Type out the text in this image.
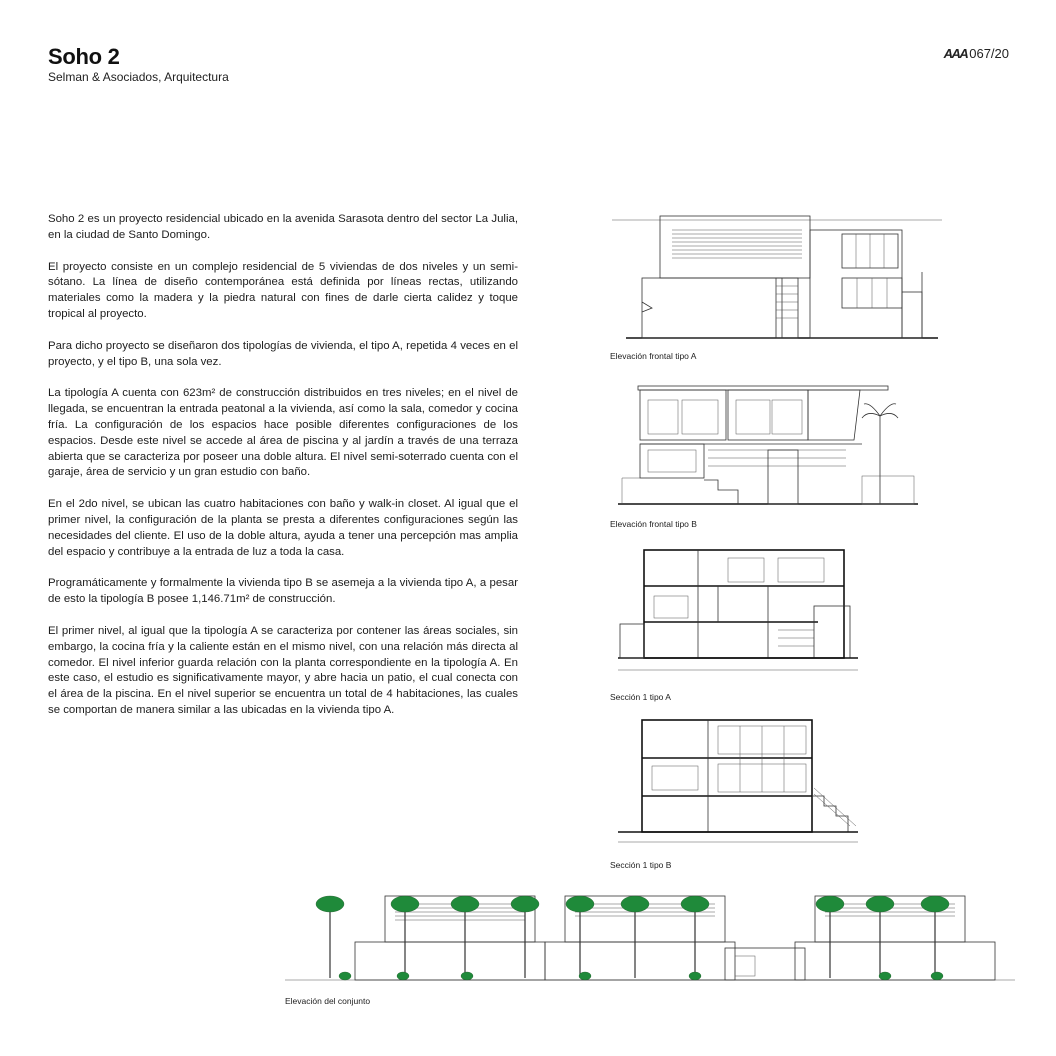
Soho 2
Selman & Asociados, Arquitectura
AAA 067/20

Soho 2 es un proyecto residencial ubicado en la avenida Sarasota dentro del sector La Julia, en la ciudad de Santo Domingo.

El proyecto consiste en un complejo residencial de 5 viviendas de dos niveles y un semi-sótano. La línea de diseño contemporánea está definida por líneas rectas, utilizando materiales como la madera y la piedra natural con fines de darle cierta calidez y toque tropical al proyecto.

Para dicho proyecto se diseñaron dos tipologías de vivienda, el tipo A, repetida 4 veces en el proyecto, y el tipo B, una sola vez.

La tipología A cuenta con 623m² de construcción distribuidos en tres niveles; en el nivel de llegada, se encuentran la entrada peatonal a la vivienda, así como la sala, comedor y cocina fría. La configuración de los espacios hace posible diferentes configuraciones de los espacios. Desde este nivel se accede al área de piscina y al jardín a través de una terraza abierta que se caracteriza por poseer una doble altura. El nivel semi-soterrado cuenta con el garaje, área de servicio y un gran estudio con baño.

En el 2do nivel, se ubican las cuatro habitaciones con baño y walk-in closet. Al igual que el primer nivel, la configuración de la planta se presta a diferentes configuraciones según las necesidades del cliente. El uso de la doble altura, ayuda a tener una percepción mas amplia del espacio y contribuye a la entrada de luz a toda la casa.

Programáticamente y formalmente la vivienda tipo B se asemeja a la vivienda tipo A, a pesar de esto la tipología B posee 1,146.71m² de construcción.

El primer nivel, al igual que la tipología A se caracteriza por contener las áreas sociales, sin embargo, la cocina fría y la caliente están en el mismo nivel, con una relación más directa al comedor. El nivel inferior guarda relación con la planta correspondiente en la tipología A. En este caso, el estudio es significativamente mayor, y abre hacia un patio, el cual conecta con el área de la piscina. En el nivel superior se encuentra un total de 4 habitaciones, las cuales se comportan de manera similar a las ubicadas en la vivienda tipo A.

Elevación frontal tipo A
Elevación frontal tipo B
Sección 1 tipo A
Sección 1 tipo B
Elevación del conjunto
